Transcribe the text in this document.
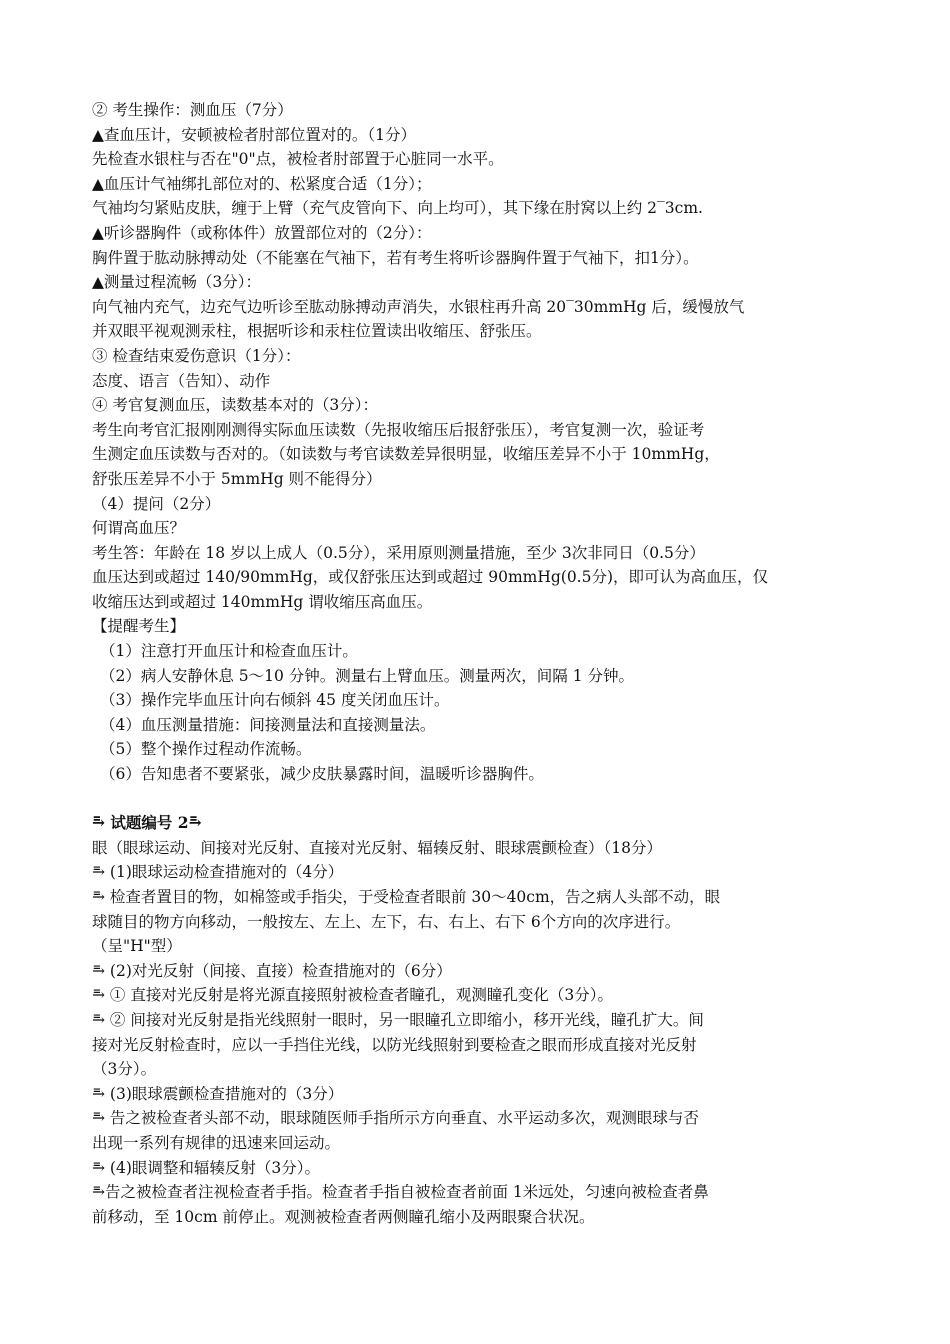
② 考生操作：测血压（7分）
▲查血压计，安顿被检者肘部位置对的。（1分）
先检查水银柱与否在"0"点，被检者肘部置于心脏同一水平。
▲血压计气袖绑扎部位对的、松紧度合适（1分）；
气袖均匀紧贴皮肤，缠于上臂（充气皮管向下、向上均可），其下缘在肘窝以上约 2‾3cm.
▲听诊器胸件（或称体件）放置部位对的（2分）：
胸件置于肱动脉搏动处（不能塞在气袖下，若有考生将听诊器胸件置于气袖下，扣1分）。
▲测量过程流畅（3分）：
向气袖内充气，边充气边听诊至肱动脉搏动声消失，水银柱再升高 20‾30mmHg 后，缓慢放气
并双眼平视观测汞柱，根据听诊和汞柱位置读出收缩压、舒张压。
③ 检查结束爱伤意识（1分）：
态度、语言（告知）、动作
④ 考官复测血压，读数基本对的（3分）：
考生向考官汇报刚刚测得实际血压读数（先报收缩压后报舒张压），考官复测一次，验证考
生测定血压读数与否对的。（如读数与考官读数差异很明显，收缩压差异不小于 10mmHg，
舒张压差异不小于 5mmHg 则不能得分）
（4）提问（2分）
何谓高血压？
考生答：年龄在 18 岁以上成人（0.5分），采用原则测量措施，至少 3次非同日（0.5分）
血压达到或超过 140/90mmHg，或仅舒张压达到或超过 90mmHg(0.5分)，即可认为高血压，仅
收缩压达到或超过 140mmHg 谓收缩压高血压。
【提醒考生】
（1）注意打开血压计和检查血压计。
（2）病人安静休息 5～10 分钟。测量右上臂血压。测量两次，间隔 1 分钟。
（3）操作完毕血压计向右倾斜 45 度关闭血压计。
（4）血压测量措施：间接测量法和直接测量法。
（5）整个操作过程动作流畅。
（6）告知患者不要紧张，减少皮肤暴露时间，温暖听诊器胸件。
⥱ 试题编号 2⥱
眼（眼球运动、间接对光反射、直接对光反射、辐辏反射、眼球震颤检查）（18分）
⥱ (1)眼球运动检查措施对的（4分）
⥱ 检查者置目的物，如棉签或手指尖，于受检查者眼前 30～40cm，告之病人头部不动，眼
球随目的物方向移动，一般按左、左上、左下，右、右上、右下 6个方向的次序进行。
（呈"H"型）
⥱ (2)对光反射（间接、直接）检查措施对的（6分）
⥱ ① 直接对光反射是将光源直接照射被检查者瞳孔，观测瞳孔变化（3分）。
⥱ ② 间接对光反射是指光线照射一眼时，另一眼瞳孔立即缩小，移开光线，瞳孔扩大。间
接对光反射检查时，应以一手挡住光线，以防光线照射到要检查之眼而形成直接对光反射
（3分）。
⥱ (3)眼球震颤检查措施对的（3分）
⥱ 告之被检查者头部不动，眼球随医师手指所示方向垂直、水平运动多次，观测眼球与否
出现一系列有规律的迅速来回运动。
⥱ (4)眼调整和辐辏反射（3分）。
⥱告之被检查者注视检查者手指。检查者手指自被检查者前面 1米远处，匀速向被检查者鼻
前移动，至 10cm 前停止。观测被检查者两侧瞳孔缩小及两眼聚合状况。
